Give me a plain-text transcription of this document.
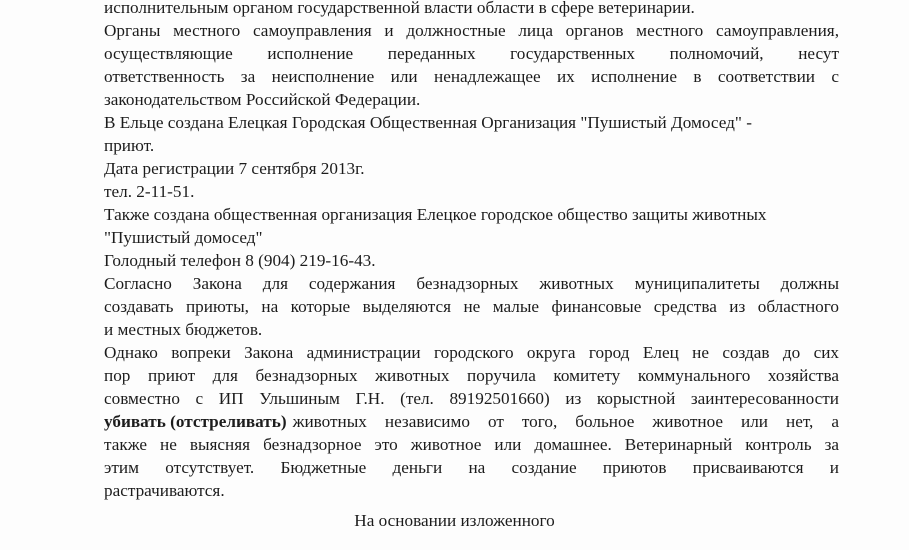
исполнительным органом государственной власти области в сфере ветеринарии.
Органы местного самоуправления и должностные лица органов местного самоуправления,
осуществляющие исполнение переданных государственных полномочий, несут
ответственность за неисполнение или ненадлежащее их исполнение в соответствии с
законодательством Российской Федерации.
В Ельце создана Елецкая Городская Общественная Организация "Пушистый Домосед" -
приют.
Дата регистрации 7 сентября 2013г.
тел. 2-11-51.
Также создана общественная организация Елецкое городское общество защиты животных
"Пушистый домосед"
Голодный телефон 8 (904) 219-16-43.
Согласно Закона для содержания безнадзорных животных муниципалитеты должны
создавать приюты, на которые выделяются не малые финансовые средства из областного
и местных бюджетов.
Однако вопреки Закона администрации городского округа город Елец не создав до сих
пор приют для безнадзорных животных поручила комитету коммунального хозяйства
совместно с ИП Ульшиным Г.Н. (тел. 89192501660) из корыстной заинтересованности
убивать (отстреливать) животных независимо от того, больное животное или нет, а
также не выясняя безнадзорное это животное или домашнее. Ветеринарный контроль за
этим отсутствует. Бюджетные деньги на создание приютов присваиваются и
растрачиваются.
На основании изложенного
